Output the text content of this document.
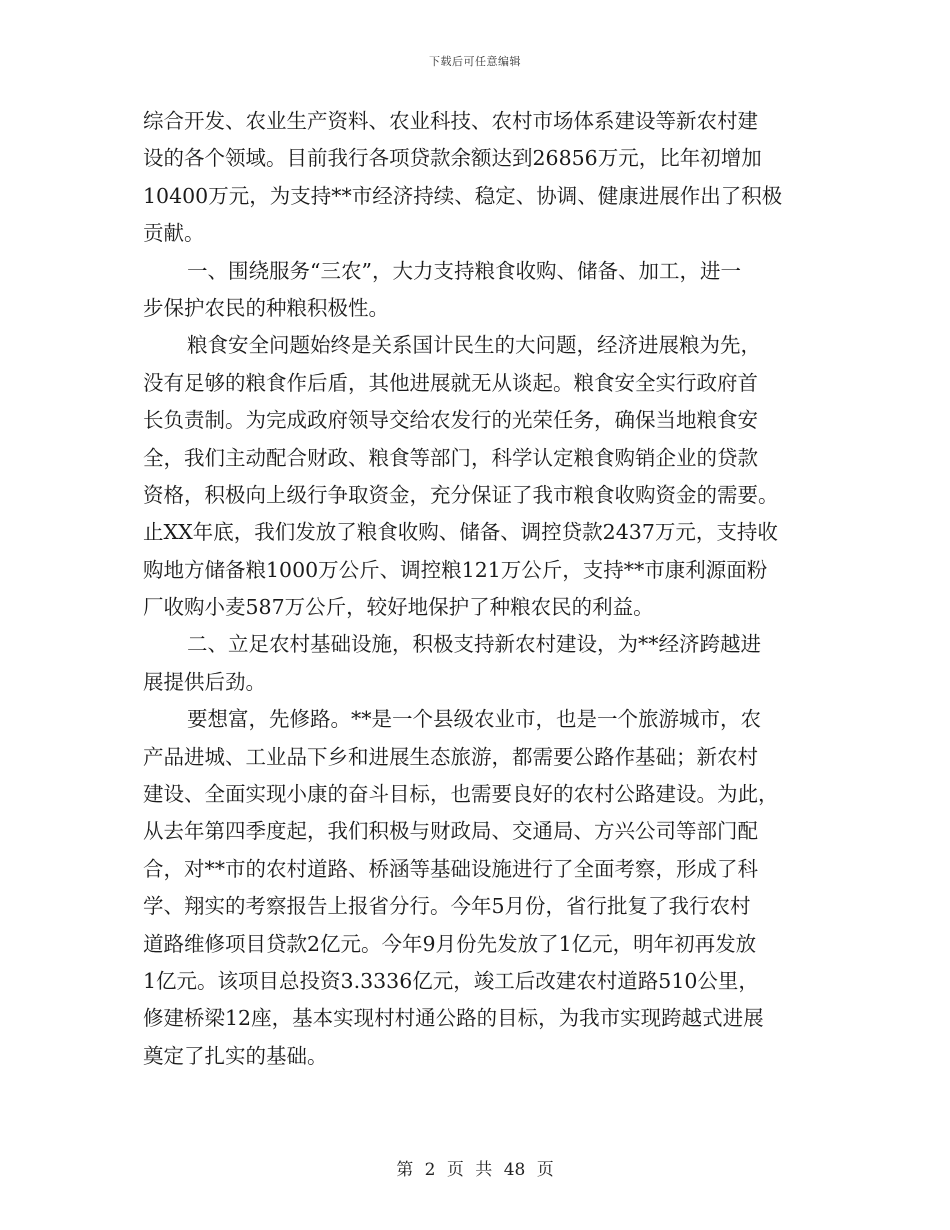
下载后可任意编辑
综合开发、农业生产资料、农业科技、农村市场体系建设等新农村建
设的各个领域。目前我行各项贷款余额达到26856万元，比年初增加
10400万元，为支持**市经济持续、稳定、协调、健康进展作出了积极
贡献。
一、围绕服务“三农”，大力支持粮食收购、储备、加工，进一
步保护农民的种粮积极性。
粮食安全问题始终是关系国计民生的大问题，经济进展粮为先，
没有足够的粮食作后盾，其他进展就无从谈起。粮食安全实行政府首
长负责制。为完成政府领导交给农发行的光荣任务，确保当地粮食安
全，我们主动配合财政、粮食等部门，科学认定粮食购销企业的贷款
资格，积极向上级行争取资金，充分保证了我市粮食收购资金的需要。
止XX年底，我们发放了粮食收购、储备、调控贷款2437万元，支持收
购地方储备粮1000万公斤、调控粮121万公斤，支持**市康利源面粉
厂收购小麦587万公斤，较好地保护了种粮农民的利益。
二、立足农村基础设施，积极支持新农村建设，为**经济跨越进
展提供后劲。
要想富，先修路。**是一个县级农业市，也是一个旅游城市，农
产品进城、工业品下乡和进展生态旅游，都需要公路作基础；新农村
建设、全面实现小康的奋斗目标，也需要良好的农村公路建设。为此，
从去年第四季度起，我们积极与财政局、交通局、方兴公司等部门配
合，对**市的农村道路、桥涵等基础设施进行了全面考察，形成了科
学、翔实的考察报告上报省分行。今年5月份，省行批复了我行农村
道路维修项目贷款2亿元。今年9月份先发放了1亿元，明年初再发放
1亿元。该项目总投资3.3336亿元，竣工后改建农村道路510公里，
修建桥梁12座，基本实现村村通公路的目标，为我市实现跨越式进展
奠定了扎实的基础。
第 2 页 共 48 页
